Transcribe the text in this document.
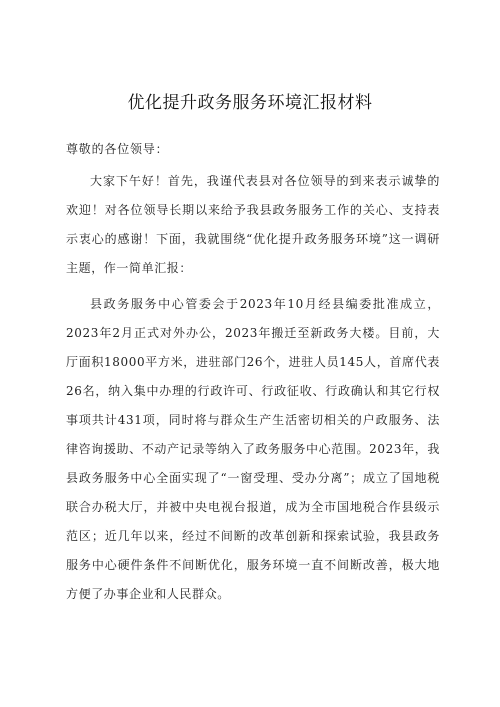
优化提升政务服务环境汇报材料
尊敬的各位领导：

大家下午好！首先，我谨代表县对各位领导的到来表示诚挚的欢迎！对各位领导长期以来给予我县政务服务工作的关心、支持表示衷心的感谢！下面，我就围绕“优化提升政务服务环境”这一调研主题，作一简单汇报：

县政务服务中心管委会于2023年10月经县编委批准成立，2023年2月正式对外办公，2023年搬迁至新政务大楼。目前，大厅面积18000平方米，进驻部门26个，进驻人员145人，首席代表26名，纳入集中办理的行政许可、行政征收、行政确认和其它行权事项共计431项，同时将与群众生产生活密切相关的户政服务、法律咨询援助、不动产记录等纳入了政务服务中心范围。2023年，我县政务服务中心全面实现了“一窗受理、受办分离”；成立了国地税联合办税大厅，并被中央电视台报道，成为全市国地税合作县级示范区；近几年以来，经过不间断的改革创新和探索试验，我县政务服务中心硬件条件不间断优化，服务环境一直不间断改善，极大地方便了办事企业和人民群众。
